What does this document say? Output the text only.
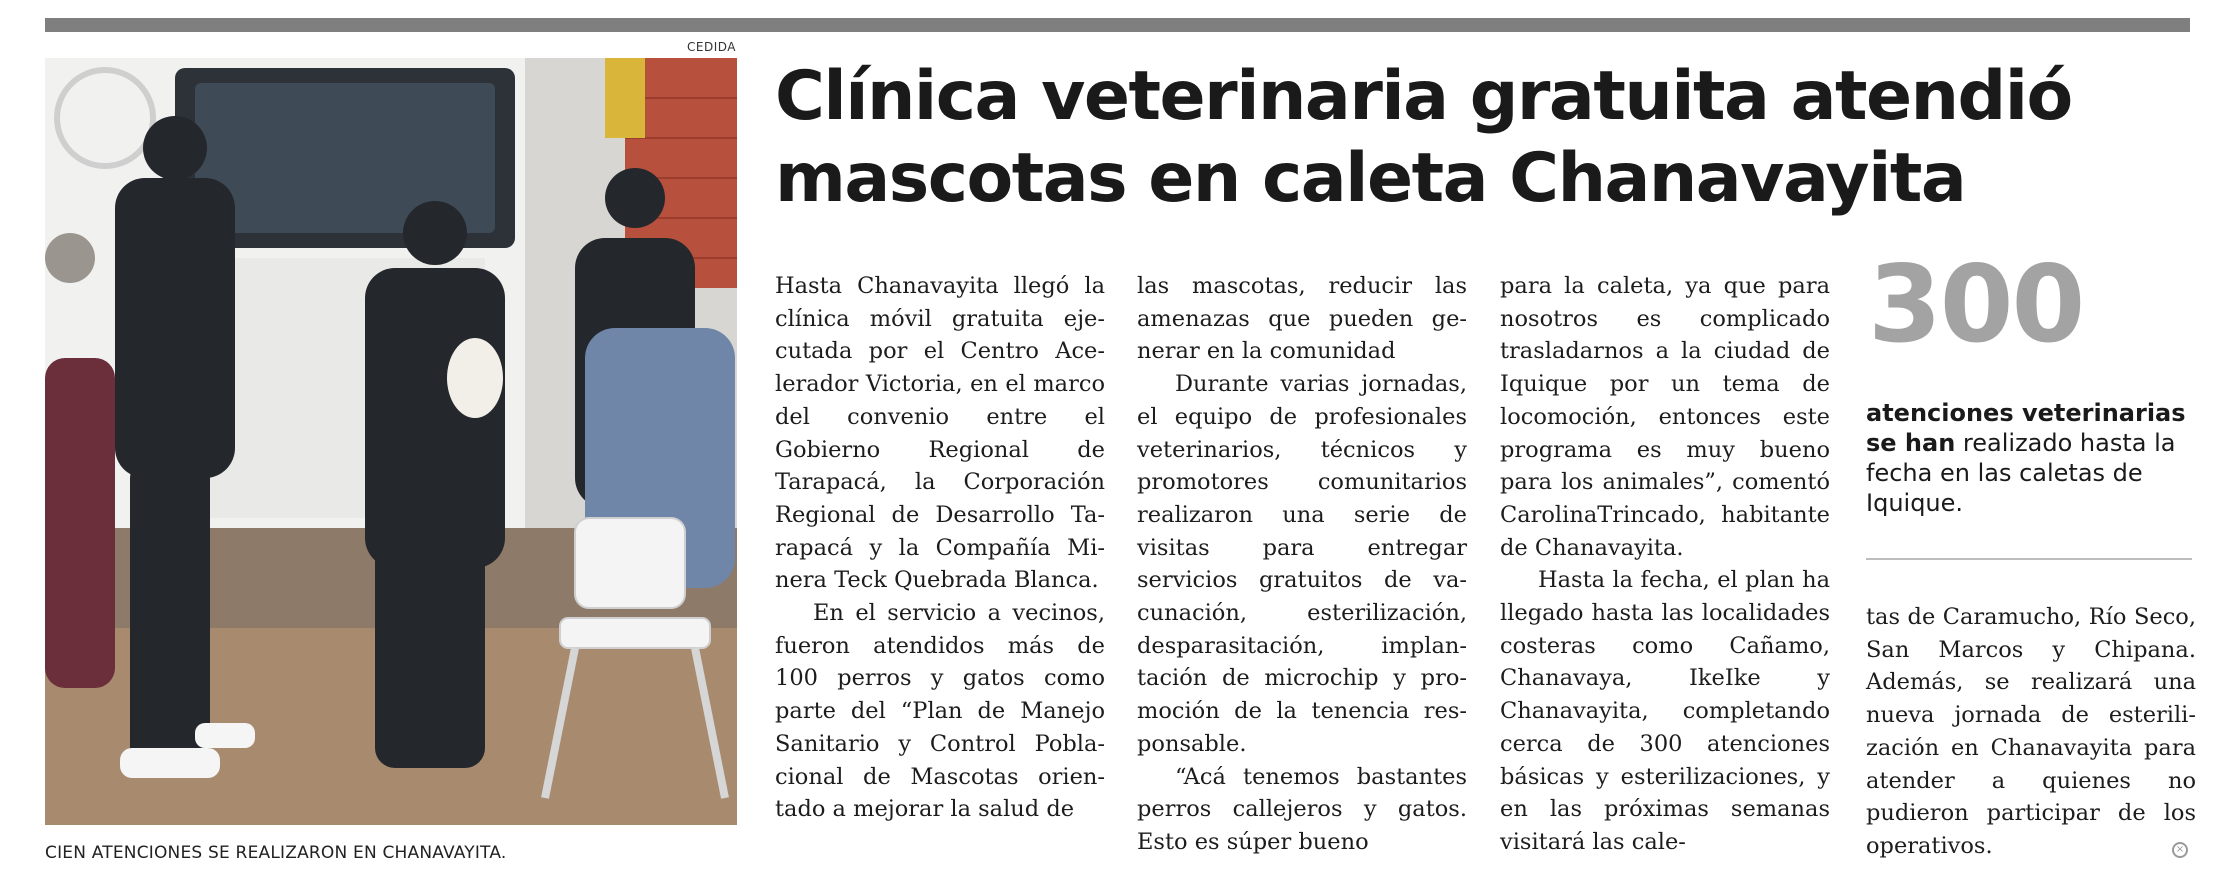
CEDIDA
CIEN ATENCIONES SE REALIZARON EN CHANAVAYITA.
Clínica veterinaria gratuita atendió mascotas en caleta Chanavayita

Hasta Chanavayita llegó la clínica móvil gratuita ejecutada por el Centro Acelerador Victoria, en el marco del convenio entre el Gobierno Regional de Tarapacá, la Corporación Regional de Desarrollo Tarapacá y la Compañía Minera Teck Quebrada Blanca.

En el servicio a vecinos, fueron atendidos más de 100 perros y gatos como parte del “Plan de Manejo Sanitario y Control Poblacional de Mascotas orientado a mejorar la salud de

las mascotas, reducir las amenazas que pueden generar en la comunidad

Durante varias jornadas, el equipo de profesionales veterinarios, técnicos y promotores comunitarios realizaron una serie de visitas para entregar servicios gratuitos de vacunación, esterilización, desparasitación, implantación de microchip y promoción de la tenencia responsable.

“Acá tenemos bastantes perros callejeros y gatos. Esto es súper bueno

para la caleta, ya que para nosotros es complicado trasladarnos a la ciudad de Iquique por un tema de locomoción, entonces este programa es muy bueno para los animales”, comentó CarolinaTrincado, habitante de Chanavayita.

Hasta la fecha, el plan ha llegado hasta las localidades costeras como Cañamo, Chanavaya, IkeIke y Chanavayita, completando cerca de 300 atenciones básicas y esterilizaciones, y en las próximas semanas visitará las cale-

300

atenciones veterinarias se han realizado hasta la fecha en las caletas de Iquique.

tas de Caramucho, Río Seco, San Marcos y Chipana. Además, se realizará una nueva jornada de esterilización en Chanavayita para atender a quienes no pudieron participar de los operativos.	×
